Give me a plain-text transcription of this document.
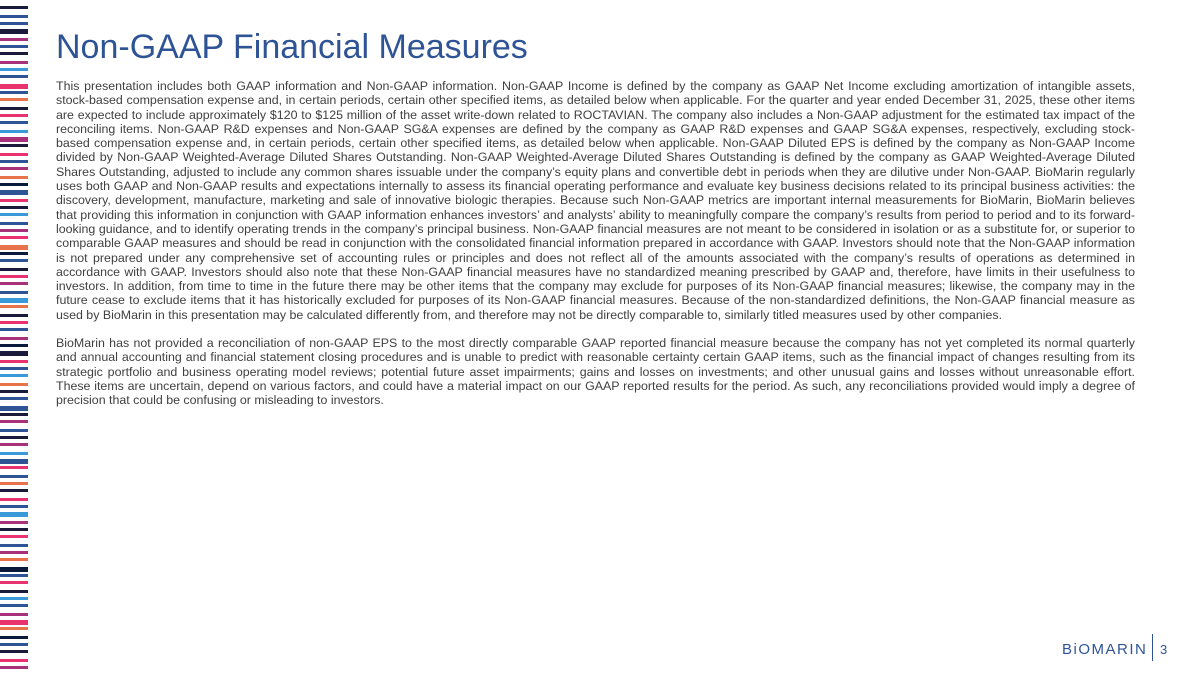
Non-GAAP Financial Measures

This presentation includes both GAAP information and Non-GAAP information. Non-GAAP Income is defined by the company as GAAP Net Income excluding amortization of intangible assets, stock-based compensation expense and, in certain periods, certain other specified items, as detailed below when applicable. For the quarter and year ended December 31, 2025, these other items are expected to include approximately $120 to $125 million of the asset write-down related to ROCTAVIAN. The company also includes a Non-GAAP adjustment for the estimated tax impact of the reconciling items. Non-GAAP R&D expenses and Non-GAAP SG&A expenses are defined by the company as GAAP R&D expenses and GAAP SG&A expenses, respectively, excluding stock-based compensation expense and, in certain periods, certain other specified items, as detailed below when applicable. Non-GAAP Diluted EPS is defined by the company as Non-GAAP Income divided by Non-GAAP Weighted-Average Diluted Shares Outstanding. Non-GAAP Weighted-Average Diluted Shares Outstanding is defined by the company as GAAP Weighted-Average Diluted Shares Outstanding, adjusted to include any common shares issuable under the company’s equity plans and convertible debt in periods when they are dilutive under Non-GAAP. BioMarin regularly uses both GAAP and Non-GAAP results and expectations internally to assess its financial operating performance and evaluate key business decisions related to its principal business activities: the discovery, development, manufacture, marketing and sale of innovative biologic therapies. Because such Non-GAAP metrics are important internal measurements for BioMarin, BioMarin believes that providing this information in conjunction with GAAP information enhances investors’ and analysts’ ability to meaningfully compare the company’s results from period to period and to its forward-looking guidance, and to identify operating trends in the company’s principal business. Non-GAAP financial measures are not meant to be considered in isolation or as a substitute for, or superior to comparable GAAP measures and should be read in conjunction with the consolidated financial information prepared in accordance with GAAP. Investors should note that the Non-GAAP information is not prepared under any comprehensive set of accounting rules or principles and does not reflect all of the amounts associated with the company’s results of operations as determined in accordance with GAAP. Investors should also note that these Non-GAAP financial measures have no standardized meaning prescribed by GAAP and, therefore, have limits in their usefulness to investors. In addition, from time to time in the future there may be other items that the company may exclude for purposes of its Non-GAAP financial measures; likewise, the company may in the future cease to exclude items that it has historically excluded for purposes of its Non-GAAP financial measures. Because of the non-standardized definitions, the Non-GAAP financial measure as used by BioMarin in this presentation may be calculated differently from, and therefore may not be directly comparable to, similarly titled measures used by other companies.

BioMarin has not provided a reconciliation of non-GAAP EPS to the most directly comparable GAAP reported financial measure because the company has not yet completed its normal quarterly and annual accounting and financial statement closing procedures and is unable to predict with reasonable certainty certain GAAP items, such as the financial impact of changes resulting from its strategic portfolio and business operating model reviews; potential future asset impairments; gains and losses on investments; and other unusual gains and losses without unreasonable effort. These items are uncertain, depend on various factors, and could have a material impact on our GAAP reported results for the period. As such, any reconciliations provided would imply a degree of precision that could be confusing or misleading to investors.

BiOMARIN 3
